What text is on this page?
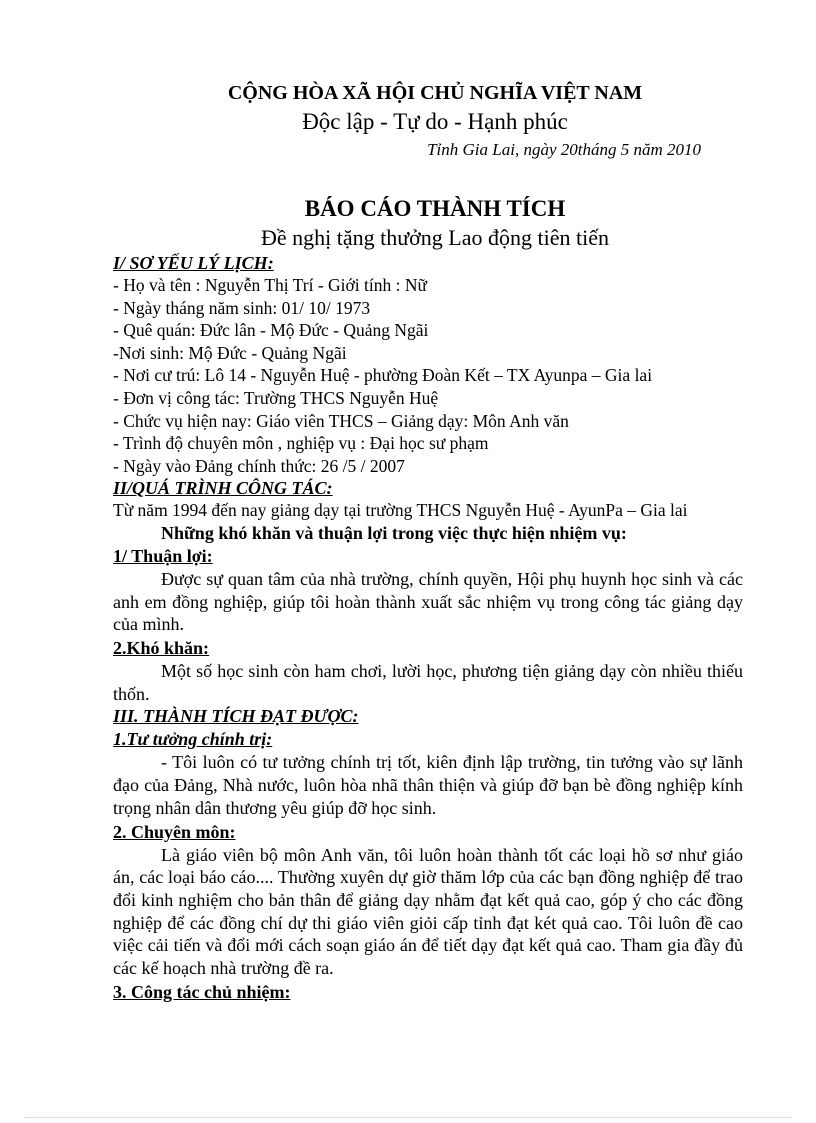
CỘNG HÒA XÃ HỘI CHỦ NGHĨA VIỆT NAM
Độc lập - Tự do - Hạnh phúc
Tỉnh Gia Lai, ngày 20tháng 5 năm 2010
BÁO CÁO THÀNH TÍCH
Đề nghị tặng thưởng Lao động tiên tiến
I/ SƠ YẾU LÝ LỊCH:
- Họ và tên : Nguyễn Thị Trí - Giới tính : Nữ
- Ngày tháng năm sinh: 01/ 10/ 1973
- Quê quán: Đức lân - Mộ Đức - Quảng Ngãi
-Nơi sinh: Mộ Đức - Quảng Ngãi
- Nơi cư trú: Lô 14 - Nguyễn Huệ - phường Đoàn Kết – TX Ayunpa – Gia lai
- Đơn vị công tác: Trường THCS Nguyễn Huệ
- Chức vụ hiện nay: Giáo viên THCS – Giảng dạy: Môn Anh văn
- Trình độ chuyên môn , nghiệp vụ : Đại học sư phạm
- Ngày vào Đảng chính thức: 26 /5 / 2007
II/QUÁ TRÌNH CÔNG TÁC:
Từ năm 1994 đến nay giảng dạy tại trường THCS Nguyễn Huệ - AyunPa – Gia lai
Những khó khăn và thuận lợi trong việc thực hiện nhiệm vụ:
1/ Thuận lợi:

Được sự quan tâm của nhà trường, chính quyền, Hội phụ huynh học sinh và các anh em đồng nghiệp, giúp tôi hoàn thành xuất sắc nhiệm vụ trong công tác giảng dạy của mình.

2.Khó khăn:

Một số học sinh còn ham chơi, lười học, phương tiện giảng dạy còn nhiều thiếu thốn.

III. THÀNH TÍCH ĐẠT ĐƯỢC:
1.Tư tưởng chính trị:

- Tôi luôn có tư tưởng chính trị tốt, kiên định lập trường, tin tưởng vào sự lãnh đạo của Đảng, Nhà nước, luôn hòa nhã thân thiện và giúp đỡ bạn bè đồng nghiệp kính trọng nhân dân thương yêu giúp đỡ học sinh.

2. Chuyên môn:

Là giáo viên bộ môn Anh văn, tôi luôn hoàn thành tốt các loại hồ sơ như giáo án, các loại báo cáo.... Thường xuyên dự giờ thăm lớp của các bạn đồng nghiệp để trao đổi kinh nghiệm cho bản thân để giảng dạy nhằm đạt kết quả cao, góp ý cho các đồng nghiệp để các đồng chí dự thi giáo viên giỏi cấp tỉnh đạt két quả cao. Tôi luôn đề cao việc cải tiến và đổi mới cách soạn giáo án để tiết dạy đạt kết quả cao. Tham gia đầy đủ các kế hoạch nhà trường đề ra.

3. Công tác chủ nhiệm:
